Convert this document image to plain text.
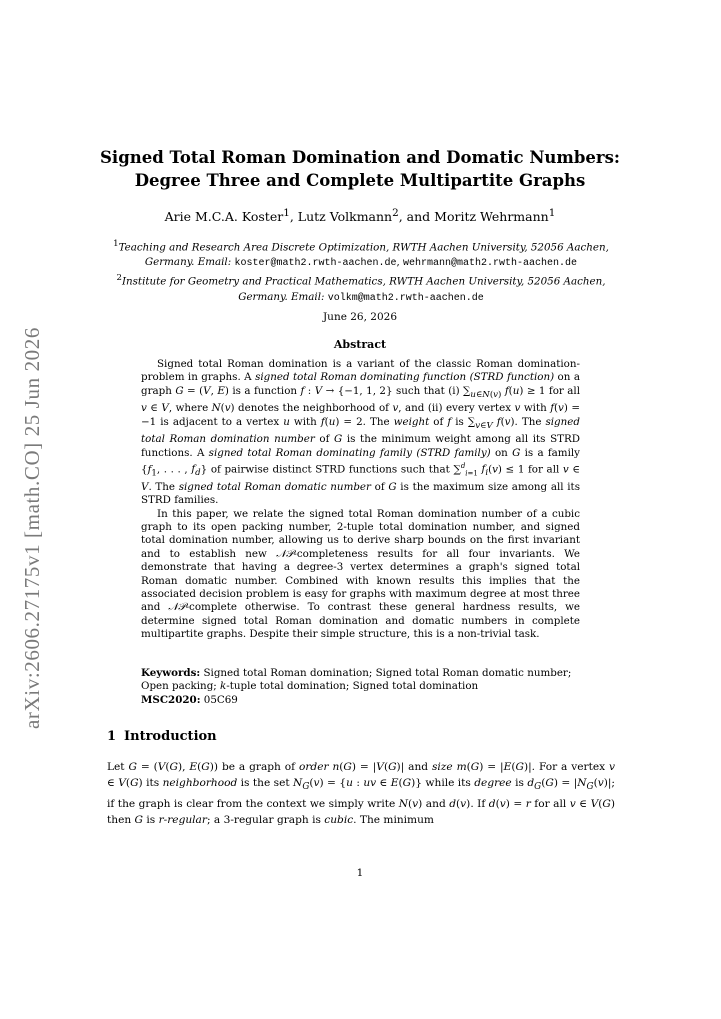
arXiv:2606.27175v1 [math.CO] 25 Jun 2026
Signed Total Roman Domination and Domatic Numbers:
Degree Three and Complete Multipartite Graphs
Arie M.C.A. Koster$^1$, Lutz Volkmann$^2$, and Moritz Wehrmann$^1$
$^1$Teaching and Research Area Discrete Optimization, RWTH Aachen University, 52056 Aachen, Germany. Email: koster@math2.rwth-aachen.de, wehrmann@math2.rwth-aachen.de
$^2$Institute for Geometry and Practical Mathematics, RWTH Aachen University, 52056 Aachen, Germany. Email: volkm@math2.rwth-aachen.de
June 26, 2026
Abstract

Signed total Roman domination is a variant of the classic Roman domination-problem in graphs. A signed total Roman dominating function (STRD function) on a graph G = (V, E) is a function f : V → {−1, 1, 2} such that (i) $\sum_{u\in N(v)}$ f(u) ≥ 1 for all v ∈ V, where N(v) denotes the neighborhood of v, and (ii) every vertex v with f(v) = −1 is adjacent to a vertex u with f(u) = 2. The weight of f is $\sum_{v\in V}$ f(v). The signed total Roman domination number of G is the minimum weight among all its STRD functions. A signed total Roman dominating family (STRD family) on G is a family {$f_1$, . . . , $f_d$} of pairwise distinct STRD functions such that ∑$^d_{i=1}$ $f_i(v) \le 1$ for all v ∈ V. The signed total Roman domatic number of G is the maximum size among all its STRD families.

In this paper, we relate the signed total Roman domination number of a cubic graph to its open packing number, 2-tuple total domination number, and signed total domination number, allowing us to derive sharp bounds on the first invariant and to establish new 𝒩𝒫-completeness results for all four invariants. We demonstrate that having a degree-3 vertex determines a graph's signed total Roman domatic number. Combined with known results this implies that the associated decision problem is easy for graphs with maximum degree at most three and 𝒩𝒫-complete otherwise. To contrast these general hardness results, we determine signed total Roman domination and domatic numbers in complete multipartite graphs. Despite their simple structure, this is a non-trivial task.

Keywords: Signed total Roman domination; Signed total Roman domatic number; Open packing; k-tuple total domination; Signed total domination
MSC2020: 05C69
1 Introduction
Let G = (V(G), E(G)) be a graph of order n(G) = |V(G)| and size m(G) = |E(G)|. For a vertex v ∈ V(G) its neighborhood is the set $N_G(v) = \{u$ : uv ∈ E(G)} while its degree is $d_G(G) = |N_G(v)|$; if the graph is clear from the context we simply write N(v) and d(v). If d(v) = r for all v ∈ V(G) then G is r-regular; a 3-regular graph is cubic. The minimum
1
